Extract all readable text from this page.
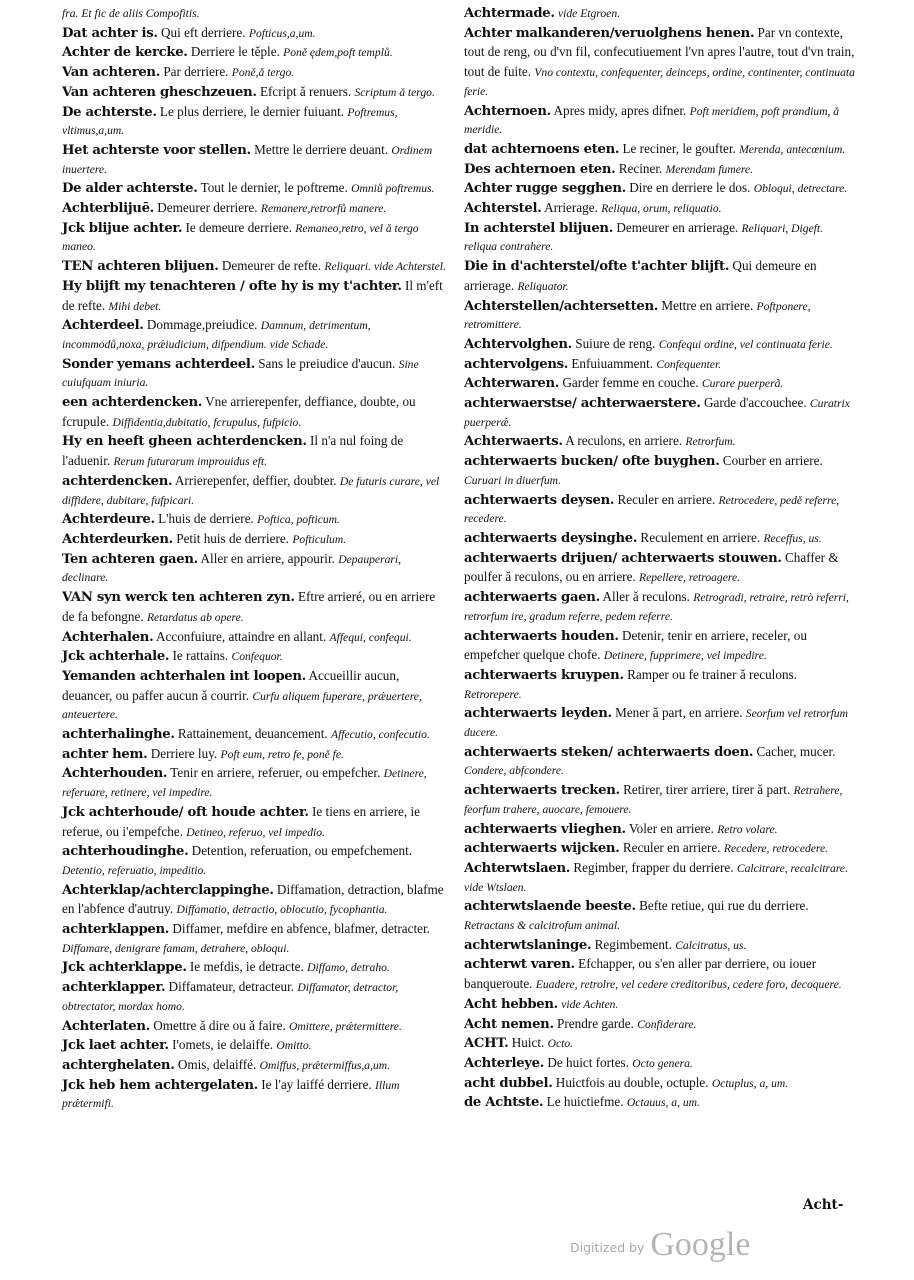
fra. Et fic de aliis Compofitis.

Dat achter is. Qui eft derriere. Pofticus,a,um.

Achter de kercke. Derriere le těple. Poně ędem,poft templů.

Van achteren. Par derriere. Poně,ǎ tergo.

Van achteren gheschzeuen. Efcript ǎ renuers. Scriptum ǎ tergo.

De achterste. Le plus derriere, le dernier fuiuant. Poftremus, vltimus,a,um.

Het achterste voor stellen. Mettre le derriere deuant. Ordinem inuertere.

De alder achterste. Tout le dernier, le poftreme. Omniů poftremus.

Achterblijuē. Demeurer derriere. Remanere,retrorfů manere.

Jck blijue achter. Ie demeure derriere. Remaneo,retro, vel ǎ tergo maneo.

TEN achteren blijuen. Demeurer de refte. Reliquari. vide Achterstel.

Hy blijft my tenachteren / ofte hy is my t'achter. Il m'eft de refte. Mihi debet.

Achterdeel. Dommage,preiudice. Damnum, detrimentum, incommodů,noxa, prǽiudicium, difpendium. vide Schade.

Sonder yemans achterdeel. Sans le preiudice d'aucun. Sine cuiufquam iniuria.

een achterdencken. Vne arrierepenfer, deffiance, doubte, ou fcrupule. Diffidentia,dubitatio, fcrupulus, fufpicio.

Hy en heeft gheen achterdencken. Il n'a nul foing de l'aduenir. Rerum futurarum improuidus eft.

achterdencken. Arrierepenfer, deffier, doubter. De futuris curare, vel diffidere, dubitare, fufpicari.

Achterdeure. L'huis de derriere. Poftica, pofticum.

Achterdeurken. Petit huis de derriere. Pofticulum.

Ten achteren gaen. Aller en arriere, appourir. Depauperari, declinare.

VAN syn werck ten achteren zyn. Eftre arrieré, ou en arriere de fa befongne. Retardatus ab opere.

Achterhalen. Acconfuiure, attaindre en allant. Affequi, confequi.

Jck achterhale. Ie rattains. Confequor.

Yemanden achterhalen int loopen. Accueillir aucun, deuancer, ou paffer aucun ǎ courrir. Curfu aliquem fuperare, prǽuertere, anteuertere.

achterhalinghe. Rattainement, deuancement. Affecutio, confecutio.

achter hem. Derriere luy. Poft eum, retro fe, poně fe.

Achterhouden. Tenir en arriere, referuer, ou empefcher. Detinere, referuare, retinere, vel impedire.

Jck achterhoude/ oft houde achter. Ie tiens en arriere, ie referue, ou i'empefche. Detineo, referuo, vel impedio.

achterhoudinghe. Detention, referuation, ou empefchement. Detentio, referuatio, impeditio.

Achterklap/achterclappinghe. Diffamation, detraction, blafme en l'abfence d'autruy. Diffamatio, detractio, oblocutio, fycophantia.

achterklappen. Diffamer, mefdire en abfence, blafmer, detracter. Diffamare, denigrare famam, detrahere, obloqui.

Jck achterklappe. Ie mefdis, ie detracte. Diffamo, detraho.

achterklapper. Diffamateur, detracteur. Diffamator, detractor, obtrectator, mordax homo.

Achterlaten. Omettre ǎ dire ou ǎ faire. Omittere, prǽtermittere.

Jck laet achter. I'omets, ie delaiffe. Omitto.

achterghelaten. Omis, delaiffé. Omiffus, prǽtermiffus,a,um.

Jck heb hem achtergelaten. Ie l'ay laiffé derriere. Illum prǽtermifi.

Achtermade. vide Etgroen.

Achter malkanderen/veruolghens henen. Par vn contexte, tout de reng, ou d'vn fil, confecutiuement l'vn apres l'autre, tout d'vn train, tout de fuite. Vno contextu, confequenter, deinceps, ordine, continenter, continuata ferie.

Achternoen. Apres midy, apres difner. Poft meridiem, poft prandium, ǎ meridie.

dat achternoens eten. Le reciner, le goufter. Merenda, antecœnium.

Des achternoen eten. Reciner. Merendam fumere.

Achter rugge segghen. Dire en derriere le dos. Obloqui, detrectare.

Achterstel. Arrierage. Reliqua, orum, reliquatio.

In achterstel blijuen. Demeurer en arrierage. Reliquari, Digeft. reliqua contrahere.

Die in d'achterstel/ofte t'achter blijft. Qui demeure en arrierage. Reliquator.

Achterstellen/achtersetten. Mettre en arriere. Poftponere, retromittere.

Achtervolghen. Suiure de reng. Confequi ordine, vel continuata ferie.

achtervolgens. Enfuiuamment. Confequenter.

Achterwaren. Garder femme en couche. Curare puerperã.

achterwaerstse/ achterwaerstere. Garde d'accouchee. Curatrix puerperǽ.

Achterwaerts. A reculons, en arriere. Retrorfum.

achterwaerts bucken/ ofte buyghen. Courber en arriere. Curuari in diuerfum.

achterwaerts deysen. Reculer en arriere. Retrocedere, pedě referre, recedere.

achterwaerts deysinghe. Reculement en arriere. Receffus, us.

achterwaerts drijuen/ achterwaerts stouwen. Chaffer & poulfer ǎ reculons, ou en arriere. Repellere, retroagere.

achterwaerts gaen. Aller ǎ reculons. Retrogradi, retraire, retrò referri, retrorfum ire, gradum referre, pedem referre.

achterwaerts houden. Detenir, tenir en arriere, receler, ou empefcher quelque chofe. Detinere, fupprimere, vel impedire.

achterwaerts kruypen. Ramper ou fe trainer ǎ reculons. Retrorepere.

achterwaerts leyden. Mener ǎ part, en arriere. Seorfum vel retrorfum ducere.

achterwaerts steken/ achterwaerts doen. Cacher, mucer. Condere, abfcondere.

achterwaerts trecken. Retirer, tirer arriere, tirer ǎ part. Retrahere, feorfum trahere, auocare, femouere.

achterwaerts vlieghen. Voler en arriere. Retro volare.

achterwaerts wijcken. Reculer en arriere. Recedere, retrocedere.

Achterwtslaen. Regimber, frapper du derriere. Calcitrare, recalcitrare. vide Wtslaen.

achterwtslaende beeste. Befte retiue, qui rue du derriere. Retractans & calcitrofum animal.

achterwtslaninge. Regimbement. Calcitratus, us.

achterwt varen. Efchapper, ou s'en aller par derriere, ou iouer banqueroute. Euadere, retrolre, vel cedere creditoribus, cedere foro, decoquere.

Acht hebben. vide Achten.

Acht nemen. Prendre garde. Confiderare.

ACHT. Huict. Octo.

Achterleye. De huict fortes. Octo genera.

acht dubbel. Huictfois au double, octuple. Octuplus, a, um.

de Achtste. Le huictiefme. Octauus, a, um.

Acht-
Digitized by Google
